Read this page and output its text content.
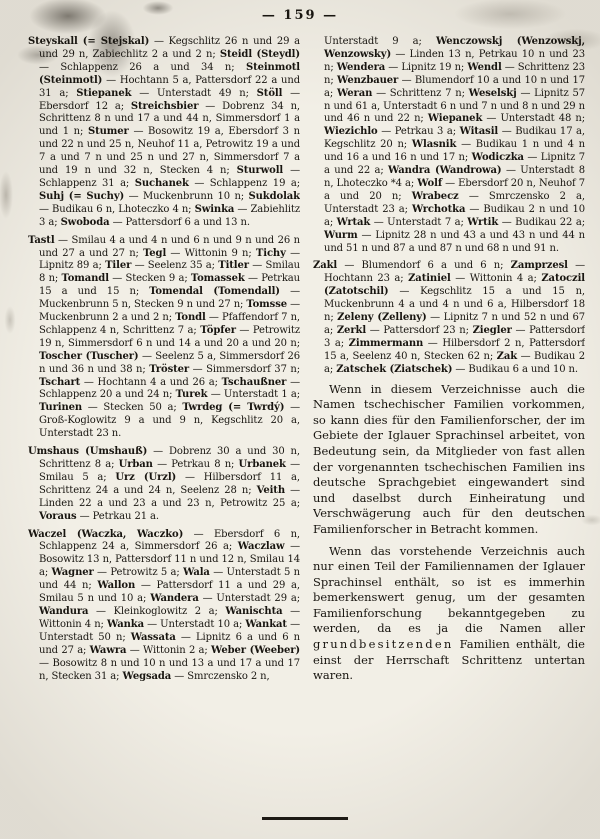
— 159 —

Steyskall (= Stejskal) — Kegschlitz 26 n und 29 a und 29 n, Zabiechlitz 2 a und 2 n; Steidl (Steydl) — Schlappenz 26 a und 34 n; Steinmotl (Steinmotl) — Hochtann 5 a, Pattersdorf 22 a und 31 a; Stiepanek — Unterstadt 49 n; Stöll — Ebersdorf 12 a; Streichsbier — Dobrenz 34 n, Schrittenz 8 n und 17 a und 44 n, Simmersdorf 1 a und 1 n; Stumer — Bosowitz 19 a, Ebersdorf 3 n und 22 n und 25 n, Neuhof 11 a, Petrowitz 19 a und 7 a und 7 n und 25 n und 27 n, Simmersdorf 7 a und 19 n und 32 n, Stecken 4 n; Sturwoll — Schlappenz 31 a; Suchanek — Schlappenz 19 a; Suhj (= Suchy) — Muckenbrunn 10 n; Sukdolak — Budikau 6 n, Lhoteczko 4 n; Swinka — Zabiehlitz 3 a; Swoboda — Pattersdorf 6 a und 13 n.

Tastl — Smilau 4 a und 4 n und 6 n und 9 n und 26 n und 27 a und 27 n; Tegl — Wittonin 9 n; Tichy — Lipnitz 89 a; Tiler — Seelenz 35 a; Titler — Smilau 8 n; Tomandl — Stecken 9 a; Tomassek — Petrkau 15 a und 15 n; Tomendal (Tomendall) — Muckenbrunn 5 n, Stecken 9 n und 27 n; Tomsse — Muckenbrunn 2 a und 2 n; Tondl — Pfaffendorf 7 n, Schlappenz 4 n, Schrittenz 7 a; Töpfer — Petrowitz 19 n, Simmersdorf 6 n und 14 a und 20 a und 20 n; Toscher (Tuscher) — Seelenz 5 a, Simmersdorf 26 n und 36 n und 38 n; Tröster — Simmersdorf 37 n; Tschart — Hochtann 4 a und 26 a; Tschaußner — Schlappenz 20 a und 24 n; Turek — Unterstadt 1 a; Turinen — Stecken 50 a; Twrdeg (= Twrdý) — Groß-Koglowitz 9 a und 9 n, Kegschlitz 20 a, Unterstadt 23 n.

Umshaus (Umshauß) — Dobrenz 30 a und 30 n, Schrittenz 8 a; Urban — Petrkau 8 n; Urbanek — Smilau 5 a; Urz (Urzl) — Hilbersdorf 11 a, Schrittenz 24 a und 24 n, Seelenz 28 n; Veith — Linden 22 a und 23 a und 23 n, Petrowitz 25 a; Voraus — Petrkau 21 a.

Waczel (Waczka, Waczko) — Ebersdorf 6 n, Schlappenz 24 a, Simmersdorf 26 a; Waczlaw — Bosowitz 13 n, Pattersdorf 11 n und 12 n, Smilau 14 a; Wagner — Petrowitz 5 a; Wala — Unterstadt 5 n und 44 n; Wallon — Pattersdorf 11 a und 29 a, Smilau 5 n und 10 a; Wandera — Unterstadt 29 a; Wandura — Kleinkoglowitz 2 a; Wanischta — Wittonin 4 n; Wanka — Unterstadt 10 a; Wankat — Unterstadt 50 n; Wassata — Lipnitz 6 a und 6 n und 27 a; Wawra — Wittonin 2 a; Weber (Weeber) — Bosowitz 8 n und 10 n und 13 a und 17 a und 17 n, Stecken 31 a; Wegsada — Smrczensko 2 n,

Unterstadt 9 a; Wenczowskj (Wenzowskj, Wenzowsky) — Linden 13 n, Petrkau 10 n und 23 n; Wendera — Lipnitz 19 n; Wendl — Schrittenz 23 n; Wenzbauer — Blumendorf 10 a und 10 n und 17 a; Weran — Schrittenz 7 n; Weselskj — Lipnitz 57 n und 61 a, Unterstadt 6 n und 7 n und 8 n und 29 n und 46 n und 22 n; Wiepanek — Unterstadt 48 n; Wiezichlo — Petrkau 3 a; Witasil — Budikau 17 a, Kegschlitz 20 n; Wlasnik — Budikau 1 n und 4 n und 16 a und 16 n und 17 n; Wodiczka — Lipnitz 7 a und 22 a; Wandra (Wandrowa) — Unterstadt 8 n, Lhoteczko *4 a; Wolf — Ebersdorf 20 n, Neuhof 7 a und 20 n; Wrabecz — Smrczensko 2 a, Unterstadt 23 a; Wrchotka — Budikau 2 n und 10 a; Wrtak — Unterstadt 7 a; Wrtik — Budikau 22 a; Wurm — Lipnitz 28 n und 43 a und 43 n und 44 n und 51 n und 87 a und 87 n und 68 n und 91 n.

Zakl — Blumendorf 6 a und 6 n; Zamprzesl — Hochtann 23 a; Zatiniel — Wittonin 4 a; Zatoczil (Zatotschil) — Kegschlitz 15 a und 15 n, Muckenbrunn 4 a und 4 n und 6 a, Hilbersdorf 18 n; Zeleny (Zelleny) — Lipnitz 7 n und 52 n und 67 a; Zerkl — Pattersdorf 23 n; Ziegler — Pattersdorf 3 a; Zimmermann — Hilbersdorf 2 n, Pattersdorf 15 a, Seelenz 40 n, Stecken 62 n; Zak — Budikau 2 a; Zatschek (Ziatschek) — Budikau 6 a und 10 n.

Wenn in diesem Verzeichnisse auch die Namen tschechischer Familien vorkommen, so kann dies für den Familienforscher, der im Gebiete der Iglauer Sprachinsel arbeitet, von Bedeutung sein, da Mitglieder von fast allen der vorgenannten tschechischen Familien ins deutsche Sprachgebiet eingewandert sind und daselbst durch Einheiratung und Verschwägerung auch für den deutschen Familienforscher in Betracht kommen.

Wenn das vorstehende Verzeichnis auch nur einen Teil der Familiennamen der Iglauer Sprachinsel enthält, so ist es immerhin bemerkenswert genug, um der gesamten Familienforschung bekanntgegeben zu werden, da es ja die Namen aller grundbesitzenden Familien enthält, die einst der Herrschaft Schrittenz untertan waren.
